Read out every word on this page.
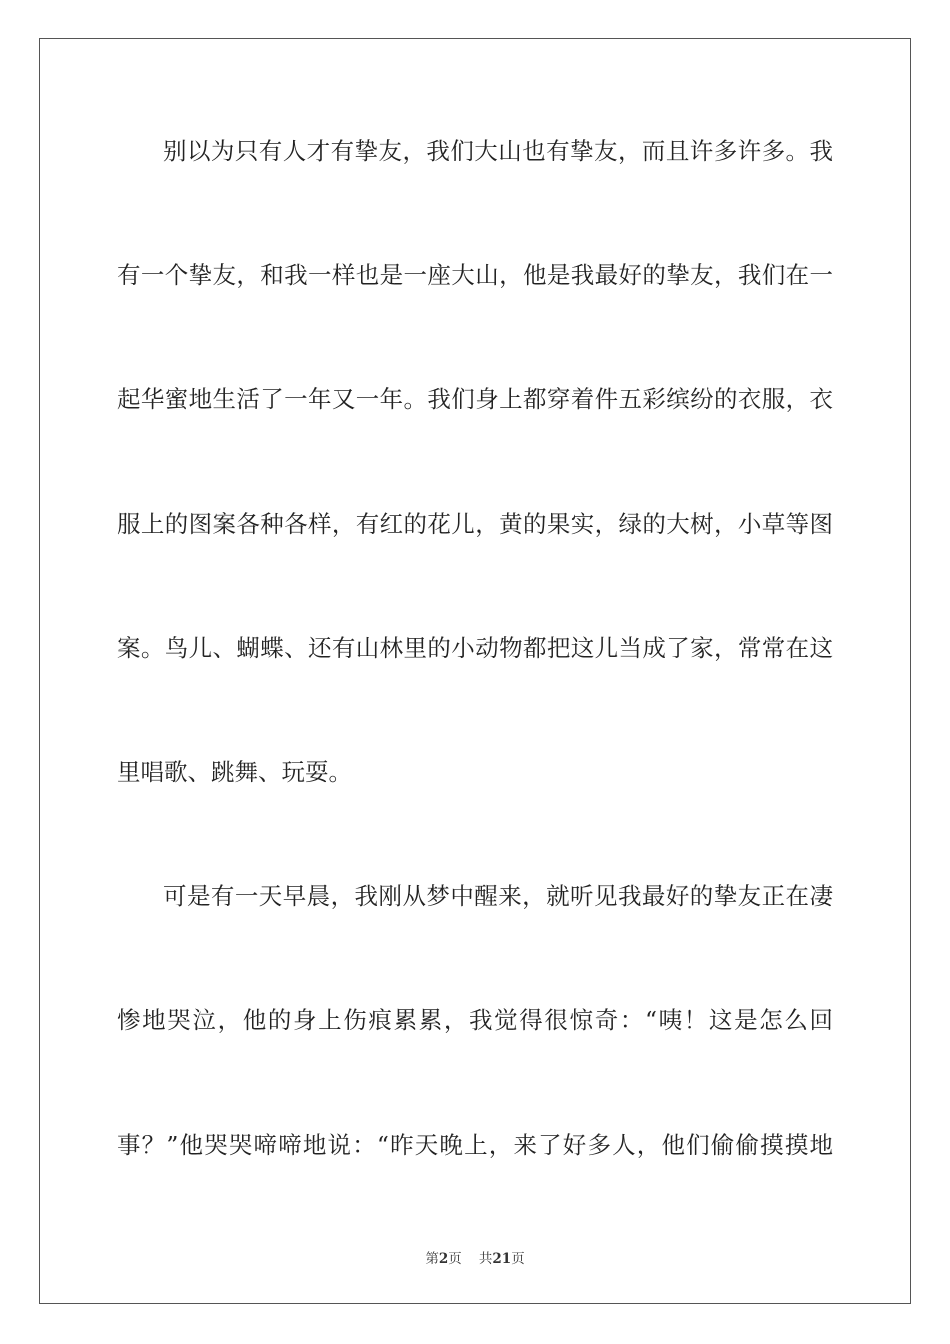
别以为只有人才有挚友，我们大山也有挚友，而且许多许多。我
有一个挚友，和我一样也是一座大山，他是我最好的挚友，我们在一
起华蜜地生活了一年又一年。我们身上都穿着件五彩缤纷的衣服，衣
服上的图案各种各样，有红的花儿，黄的果实，绿的大树，小草等图
案。鸟儿、蝴蝶、还有山林里的小动物都把这儿当成了家，常常在这
里唱歌、跳舞、玩耍。
可是有一天早晨，我刚从梦中醒来，就听见我最好的挚友正在凄
惨地哭泣，他的身上伤痕累累，我觉得很惊奇：“咦！这是怎么回
事？”他哭哭啼啼地说：“昨天晚上，来了好多人，他们偷偷摸摸地
第2页 共21页
